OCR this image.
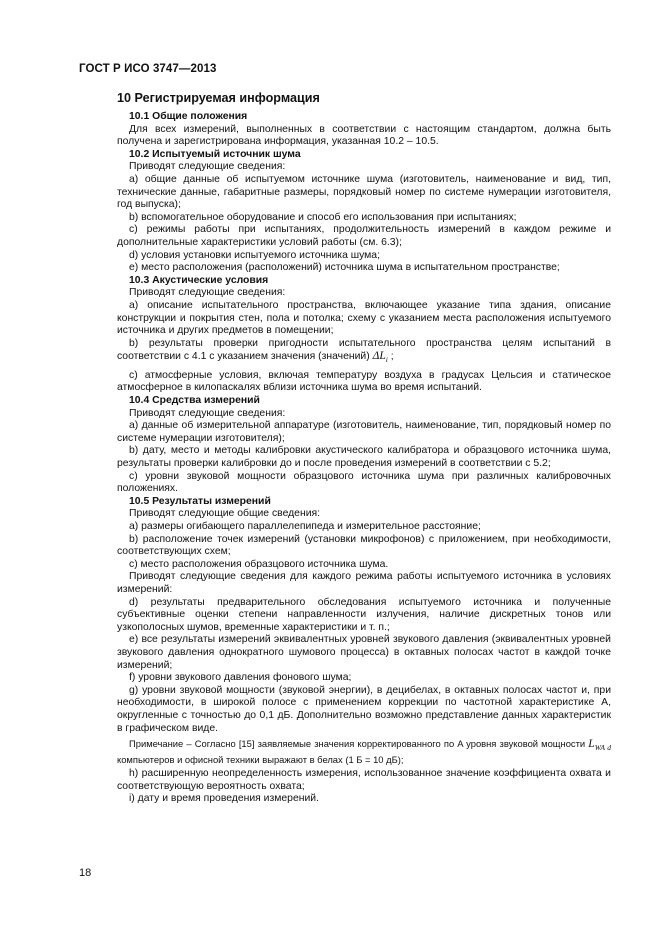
ГОСТ Р ИСО 3747—2013
10 Регистрируемая информация
10.1 Общие положения

Для всех измерений, выполненных в соответствии с настоящим стандартом, должна быть получена и зарегистрирована информация, указанная 10.2 – 10.5.

10.2 Испытуемый источник шума

Приводят следующие сведения:

а) общие данные об испытуемом источнике шума (изготовитель, наименование и вид, тип, технические данные, габаритные размеры, порядковый номер по системе нумерации изготовителя, год выпуска);

b) вспомогательное оборудование и способ его использования при испытаниях;

c) режимы работы при испытаниях, продолжительность измерений в каждом режиме и дополнительные характеристики условий работы (см. 6.3);

d) условия установки испытуемого источника шума;

e) место расположения (расположений) источника шума в испытательном пространстве;

10.3 Акустические условия

Приводят следующие сведения:

а) описание испытательного пространства, включающее указание типа здания, описание конструкции и покрытия стен, пола и потолка; схему с указанием места расположения испытуемого источника и других предметов в помещении;

b) результаты проверки пригодности испытательного пространства целям испытаний в соответствии с 4.1 с указанием значения (значений) $\Delta L_i$ ;

c) атмосферные условия, включая температуру воздуха в градусах Цельсия и статическое атмосферное в килопаскалях вблизи источника шума во время испытаний.

10.4 Средства измерений

Приводят следующие сведения:

а) данные об измерительной аппаратуре (изготовитель, наименование, тип, порядковый номер по системе нумерации изготовителя);

b) дату, место и методы калибровки акустического калибратора и образцового источника шума, результаты проверки калибровки до и после проведения измерений в соответствии с 5.2;

c) уровни звуковой мощности образцового источника шума при различных калибровочных положениях.

10.5 Результаты измерений

Приводят следующие общие сведения:

а) размеры огибающего параллелепипеда и измерительное расстояние;

b) расположение точек измерений (установки микрофонов) с приложением, при необходимости, соответствующих схем;

c) место расположения образцового источника шума.

Приводят следующие сведения для каждого режима работы испытуемого источника в условиях измерений:

d) результаты предварительного обследования испытуемого источника и полученные субъективные оценки степени направленности излучения, наличие дискретных тонов или узкополосных шумов, временные характеристики и т. п.;

e) все результаты измерений эквивалентных уровней звукового давления (эквивалентных уровней звукового давления однократного шумового процесса) в октавных полосах частот в каждой точке измерений;

f) уровни звукового давления фонового шума;

g) уровни звуковой мощности (звуковой энергии), в децибелах, в октавных полосах частот и, при необходимости, в широкой полосе с применением коррекции по частотной характеристике A, округленные с точностью до 0,1 дБ. Дополнительно возможно представление данных характеристик в графическом виде.

Примечание – Согласно [15] заявляемые значения корректированного по A уровня звуковой мощности $L_{WA d}$ компьютеров и офисной техники выражают в белах (1 Б = 10 дБ);

h) расширенную неопределенность измерения, использованное значение коэффициента охвата и соответствующую вероятность охвата;

i) дату и время проведения измерений.

18
